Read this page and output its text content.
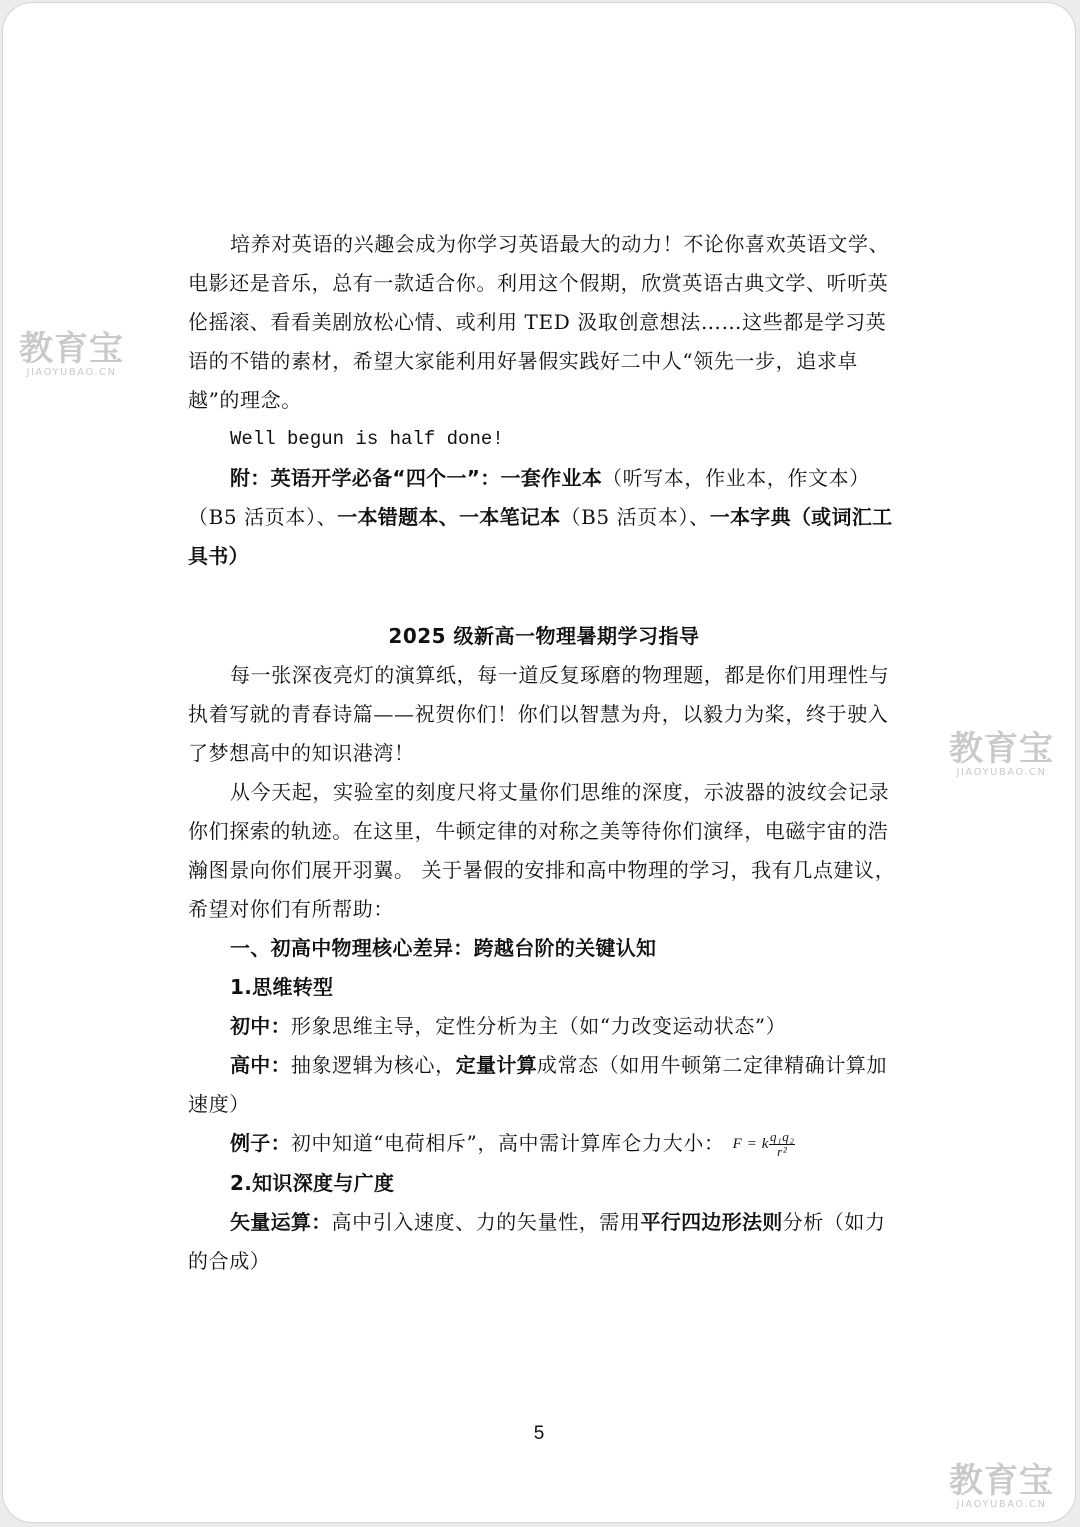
教育宝
JIAOYUBAO.CN
教育宝
JIAOYUBAO.CN
教育宝
JIAOYUBAO.CN

培养对英语的兴趣会成为你学习英语最大的动力！不论你喜欢英语文学、电影还是音乐，总有一款适合你。利用这个假期，欣赏英语古典文学、听听英伦摇滚、看看美剧放松心情、或利用 TED 汲取创意想法……这些都是学习英语的不错的素材，希望大家能利用好暑假实践好二中人“领先一步，追求卓越”的理念。

Well begun is half done!

附：英语开学必备“四个一”：一套作业本（听写本，作业本，作文本）（B5 活页本）、一本错题本、一本笔记本（B5 活页本）、一本字典（或词汇工具书）

2025 级新高一物理暑期学习指导

每一张深夜亮灯的演算纸，每一道反复琢磨的物理题，都是你们用理性与执着写就的青春诗篇——祝贺你们！你们以智慧为舟，以毅力为桨，终于驶入了梦想高中的知识港湾！

从今天起，实验室的刻度尺将丈量你们思维的深度，示波器的波纹会记录你们探索的轨迹。在这里，牛顿定律的对称之美等待你们演绎，电磁宇宙的浩瀚图景向你们展开羽翼。 关于暑假的安排和高中物理的学习，我有几点建议，希望对你们有所帮助：

一、初高中物理核心差异：跨越台阶的关键认知

1.思维转型

初中：形象思维主导，定性分析为主（如“力改变运动状态”）

高中：抽象逻辑为核心，定量计算成常态（如用牛顿第二定律精确计算加速度）

例子：初中知道“电荷相斥”，高中需计算库仑力大小： F = k $\frac{\text{q₁q₂}}{\text{r²}}$

2.知识深度与广度

矢量运算：高中引入速度、力的矢量性，需用平行四边形法则分析（如力的合成）

5
